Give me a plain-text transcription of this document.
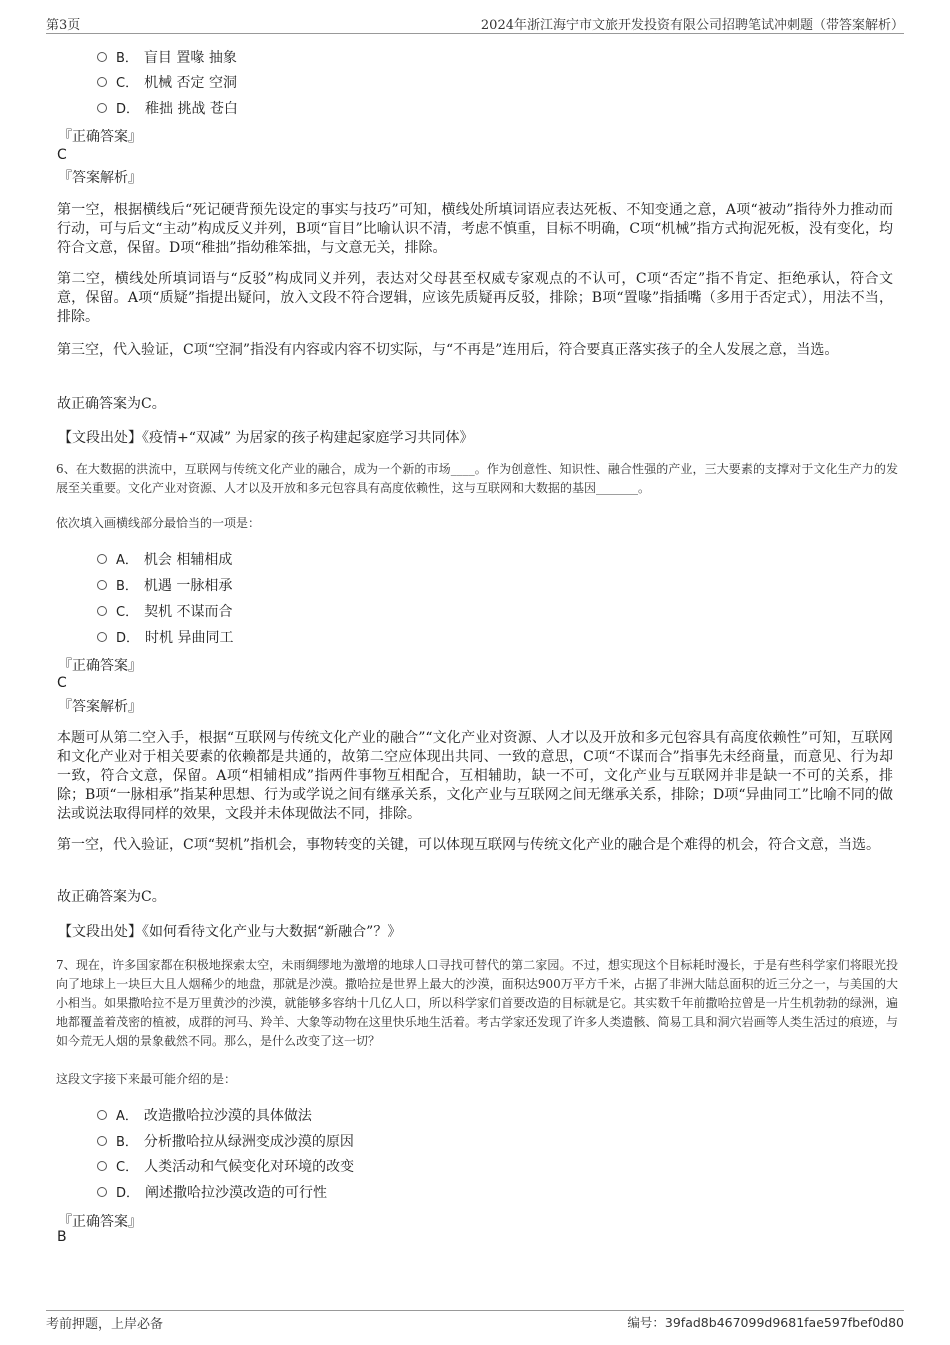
第3页	2024年浙江海宁市文旅开发投资有限公司招聘笔试冲刺题（带答案解析）
B． 盲目 置喙 抽象
C． 机械 否定 空洞
D． 稚拙 挑战 苍白
『正确答案』
C
『答案解析』
第一空，根据横线后“死记硬背预先设定的事实与技巧”可知，横线处所填词语应表达死板、不知变通之意，A项“被动”指待外力推动而行动，可与后文“主动”构成反义并列，B项“盲目”比喻认识不清，考虑不慎重，目标不明确，C项“机械”指方式拘泥死板，没有变化，均符合文意，保留。D项“稚拙”指幼稚笨拙，与文意无关，排除。
第二空，横线处所填词语与“反驳”构成同义并列，表达对父母甚至权威专家观点的不认可，C项“否定”指不肯定、拒绝承认，符合文意，保留。A项“质疑”指提出疑问，放入文段不符合逻辑，应该先质疑再反驳，排除；B项“置喙”指插嘴（多用于否定式），用法不当，排除。
第三空，代入验证，C项“空洞”指没有内容或内容不切实际，与“不再是”连用后，符合要真正落实孩子的全人发展之意，当选。
故正确答案为C。
【文段出处】《疫情+“双减” 为居家的孩子构建起家庭学习共同体》
6、在大数据的洪流中，互联网与传统文化产业的融合，成为一个新的市场____。作为创意性、知识性、融合性强的产业，三大要素的支撑对于文化生产力的发展至关重要。文化产业对资源、人才以及开放和多元包容具有高度依赖性，这与互联网和大数据的基因_______。
依次填入画横线部分最恰当的一项是：
A． 机会 相辅相成
B． 机遇 一脉相承
C． 契机 不谋而合
D． 时机 异曲同工
『正确答案』
C
『答案解析』
本题可从第二空入手，根据“互联网与传统文化产业的融合”“文化产业对资源、人才以及开放和多元包容具有高度依赖性”可知，互联网和文化产业对于相关要素的依赖都是共通的，故第二空应体现出共同、一致的意思，C项“不谋而合”指事先未经商量，而意见、行为却一致，符合文意，保留。A项“相辅相成”指两件事物互相配合，互相辅助，缺一不可，文化产业与互联网并非是缺一不可的关系，排除；B项“一脉相承”指某种思想、行为或学说之间有继承关系，文化产业与互联网之间无继承关系，排除；D项“异曲同工”比喻不同的做法或说法取得同样的效果，文段并未体现做法不同，排除。
第一空，代入验证，C项“契机”指机会，事物转变的关键，可以体现互联网与传统文化产业的融合是个难得的机会，符合文意，当选。
故正确答案为C。
【文段出处】《如何看待文化产业与大数据“新融合”？》
7、现在，许多国家都在积极地探索太空，未雨绸缪地为激增的地球人口寻找可替代的第二家园。不过，想实现这个目标耗时漫长，于是有些科学家们将眼光投向了地球上一块巨大且人烟稀少的地盘，那就是沙漠。撒哈拉是世界上最大的沙漠，面积达900万平方千米，占据了非洲大陆总面积的近三分之一，与美国的大小相当。如果撒哈拉不是万里黄沙的沙漠，就能够多容纳十几亿人口，所以科学家们首要改造的目标就是它。其实数千年前撒哈拉曾是一片生机勃勃的绿洲，遍地都覆盖着茂密的植被，成群的河马、羚羊、大象等动物在这里快乐地生活着。考古学家还发现了许多人类遗骸、简易工具和洞穴岩画等人类生活过的痕迹，与如今荒无人烟的景象截然不同。那么，是什么改变了这一切？
这段文字接下来最可能介绍的是：
A． 改造撒哈拉沙漠的具体做法
B． 分析撒哈拉从绿洲变成沙漠的原因
C． 人类活动和气候变化对环境的改变
D． 阐述撒哈拉沙漠改造的可行性
『正确答案』
B
考前押题，上岸必备	编号：39fad8b467099d9681fae597fbef0d80
